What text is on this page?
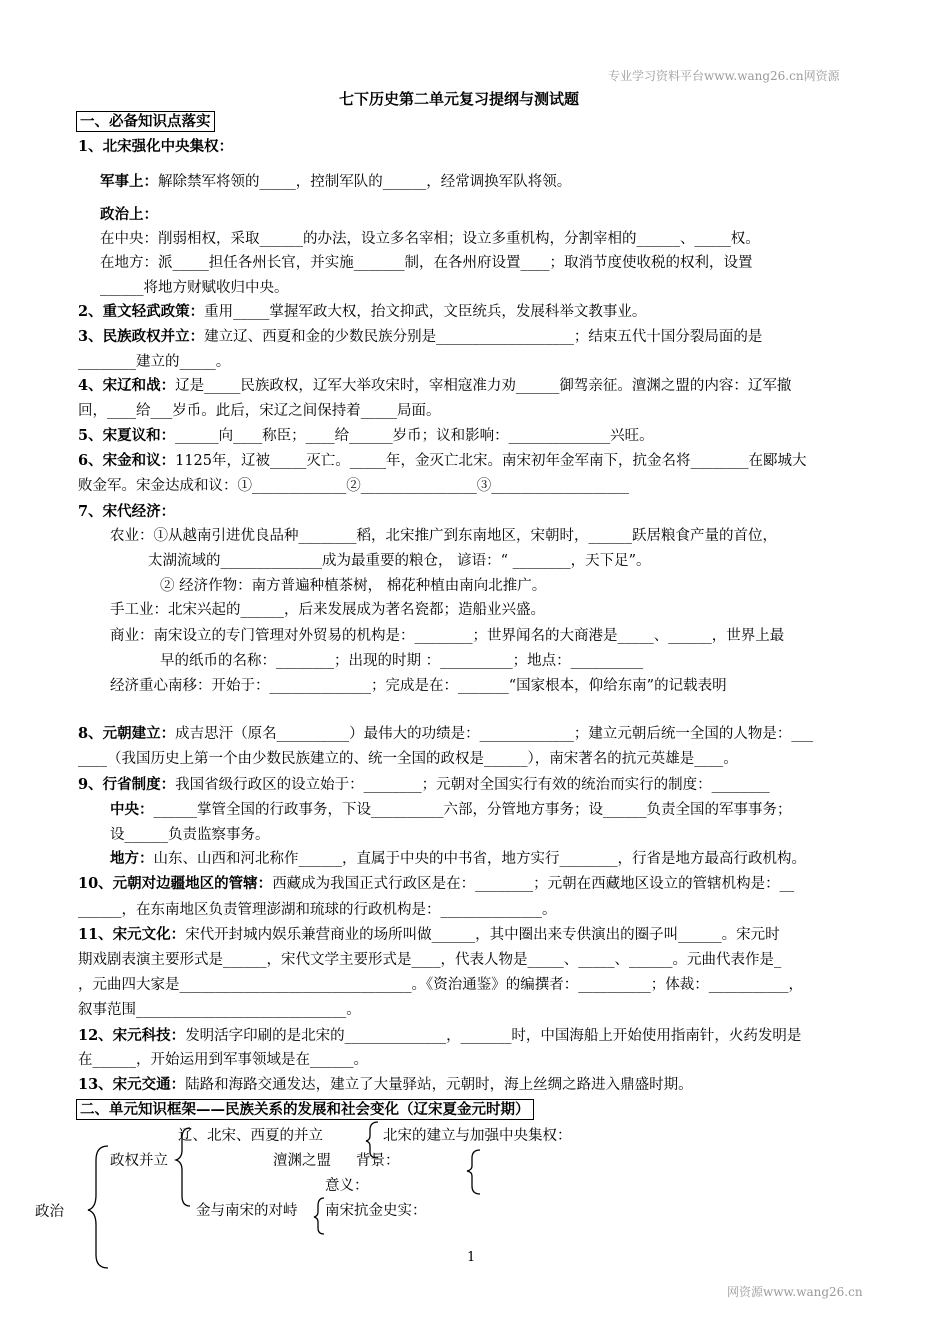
专业学习资料平台www.wang26.cn网资源
网资源www.wang26.cn
七下历史第二单元复习提纲与测试题
一、必备知识点落实
1、北宋强化中央集权：
军事上：解除禁军将领的_____，控制军队的______，经常调换军队将领。
政治上：
在中央：削弱相权，采取______的办法，设立多名宰相；设立多重机构，分割宰相的______、_____权。
在地方：派_____担任各州长官，并实施_______制，在各州府设置____；取消节度使收税的权利，设置
______将地方财赋收归中央。
2、重文轻武政策：重用_____掌握军政大权，抬文抑武，文臣统兵，发展科举文教事业。
3、民族政权并立：建立辽、西夏和金的少数民族分别是___________________；结束五代十国分裂局面的是
________建立的_____。
4、宋辽和战：辽是_____民族政权，辽军大举攻宋时，宰相寇准力劝______御驾亲征。澶渊之盟的内容：辽军撤
回，____给___岁币。此后，宋辽之间保持着_____局面。
5、宋夏议和：______向____称臣；____给______岁币；议和影响：______________兴旺。
6、宋金和议：1125年，辽被_____灭亡。_____年，金灭亡北宋。南宋初年金军南下，抗金名将________在郾城大
败金军。宋金达成和议：①_____________②________________③___________________
7、宋代经济：
农业：①从越南引进优良品种________稻，北宋推广到东南地区，宋朝时，______跃居粮食产量的首位，
太湖流域的______________成为最重要的粮仓， 谚语：“ ________，天下足”。
② 经济作物：南方普遍种植茶树， 棉花种植由南向北推广。
手工业：北宋兴起的______，后来发展成为著名瓷都；造船业兴盛。
商业：南宋设立的专门管理对外贸易的机构是：________；世界闻名的大商港是_____、______，世界上最
早的纸币的名称：________；出现的时期 ：__________；地点：__________
经济重心南移：开始于：______________；完成是在：_______“国家根本，仰给东南”的记载表明
8、元朝建立：成吉思汗（原名__________）最伟大的功绩是：_____________；建立元朝后统一全国的人物是：___
____（我国历史上第一个由少数民族建立的、统一全国的政权是______），南宋著名的抗元英雄是____。
9、行省制度：我国省级行政区的设立始于：________；元朝对全国实行有效的统治而实行的制度：________
中央：______掌管全国的行政事务，下设__________六部，分管地方事务；设______负责全国的军事事务；
设______负责监察事务。
地方：山东、山西和河北称作______，直属于中央的中书省，地方实行________，行省是地方最高行政机构。
10、元朝对边疆地区的管辖：西藏成为我国正式行政区是在：________；元朝在西藏地区设立的管辖机构是：__
______，在东南地区负责管理澎湖和琉球的行政机构是：______________。
11、宋元文化：宋代开封城内娱乐兼营商业的场所叫做______，其中圈出来专供演出的圈子叫______。宋元时
期戏剧表演主要形式是______，宋代文学主要形式是____，代表人物是_____、_____、______。元曲代表作是_
，元曲四大家是________________________________。《资治通鉴》的编撰者：__________；体裁：___________，
叙事范围_____________________________。
12、宋元科技：发明活字印刷的是北宋的______________，_______时，中国海船上开始使用指南针，火药发明是
在______，开始运用到军事领域是在______。
13、宋元交通：陆路和海路交通发达，建立了大量驿站，元朝时，海上丝绸之路进入鼎盛时期。
二、单元知识框架——民族关系的发展和社会变化（辽宋夏金元时期）
政治
政权并立
辽、北宋、西夏的并立	北宋的建立与加强中央集权：
澶渊之盟 背景：
意义：
金与南宋的对峙 南宋抗金史实：
1
